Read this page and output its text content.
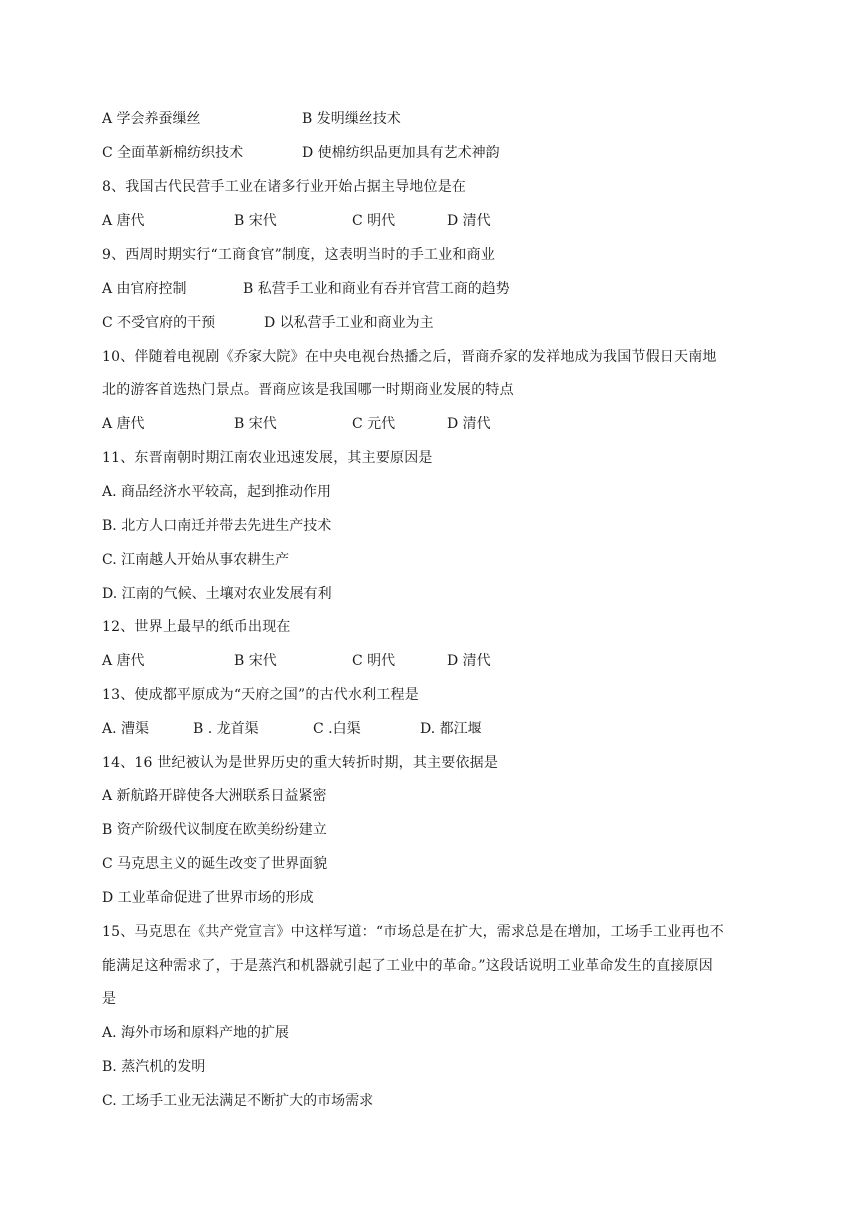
A 学会养蚕缫丝	B 发明缫丝技术
C 全面革新棉纺织技术	D 使棉纺织品更加具有艺术神韵
8、我国古代民营手工业在诸多行业开始占据主导地位是在
A 唐代	B 宋代	C 明代	D 清代
9、西周时期实行“工商食官”制度，这表明当时的手工业和商业
A 由官府控制	B 私营手工业和商业有吞并官营工商的趋势
C 不受官府的干预	D 以私营手工业和商业为主
10、伴随着电视剧《乔家大院》在中央电视台热播之后，晋商乔家的发祥地成为我国节假日天南地
北的游客首选热门景点。晋商应该是我国哪一时期商业发展的特点
A 唐代	B 宋代	C 元代	D 清代
11、东晋南朝时期江南农业迅速发展，其主要原因是
A. 商品经济水平较高，起到推动作用
B. 北方人口南迁并带去先进生产技术
C. 江南越人开始从事农耕生产
D. 江南的气候、土壤对农业发展有利
12、世界上最早的纸币出现在
A 唐代	B 宋代	C 明代	D 清代
13、使成都平原成为“天府之国”的古代水利工程是
A. 漕渠	B . 龙首渠	C .白渠	D. 都江堰
14、16 世纪被认为是世界历史的重大转折时期，其主要依据是
A 新航路开辟使各大洲联系日益紧密
B 资产阶级代议制度在欧美纷纷建立
C 马克思主义的诞生改变了世界面貌
D 工业革命促进了世界市场的形成
15、马克思在《共产党宣言》中这样写道：“市场总是在扩大，需求总是在增加，工场手工业再也不
能满足这种需求了，于是蒸汽和机器就引起了工业中的革命。”这段话说明工业革命发生的直接原因
是
A. 海外市场和原料产地的扩展
B. 蒸汽机的发明
C. 工场手工业无法满足不断扩大的市场需求
